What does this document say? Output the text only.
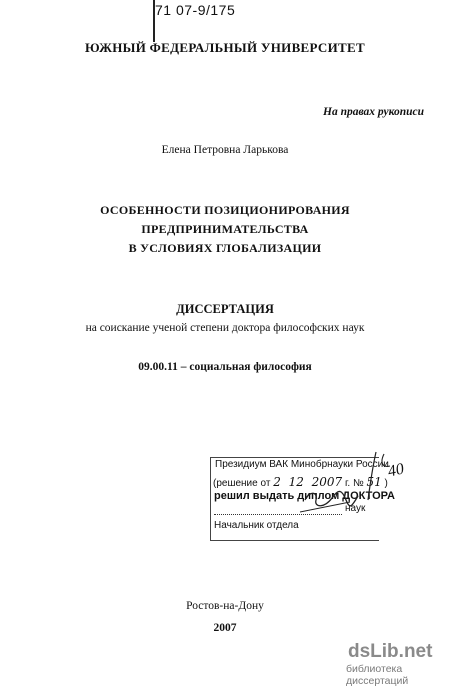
71 07-9/175
ЮЖНЫЙ ФЕДЕРАЛЬНЫЙ УНИВЕРСИТЕТ
На правах рукописи
Елена Петровна Ларькова
ОСОБЕННОСТИ ПОЗИЦИОНИРОВАНИЯ
ПРЕДПРИНИМАТЕЛЬСТВА
В УСЛОВИЯХ ГЛОБАЛИЗАЦИИ
ДИССЕРТАЦИЯ
на соискание ученой степени доктора философских наук
09.00.11 – социальная философия
Президиум ВАК Минобрнауки России
(решение от 2  12  2007 г. № 51 )
решил выдать диплом ДОКТОРА
наук
Начальник отдела
40
Ростов-на-Дону
2007
dsLib.net
библиотека диссертаций
